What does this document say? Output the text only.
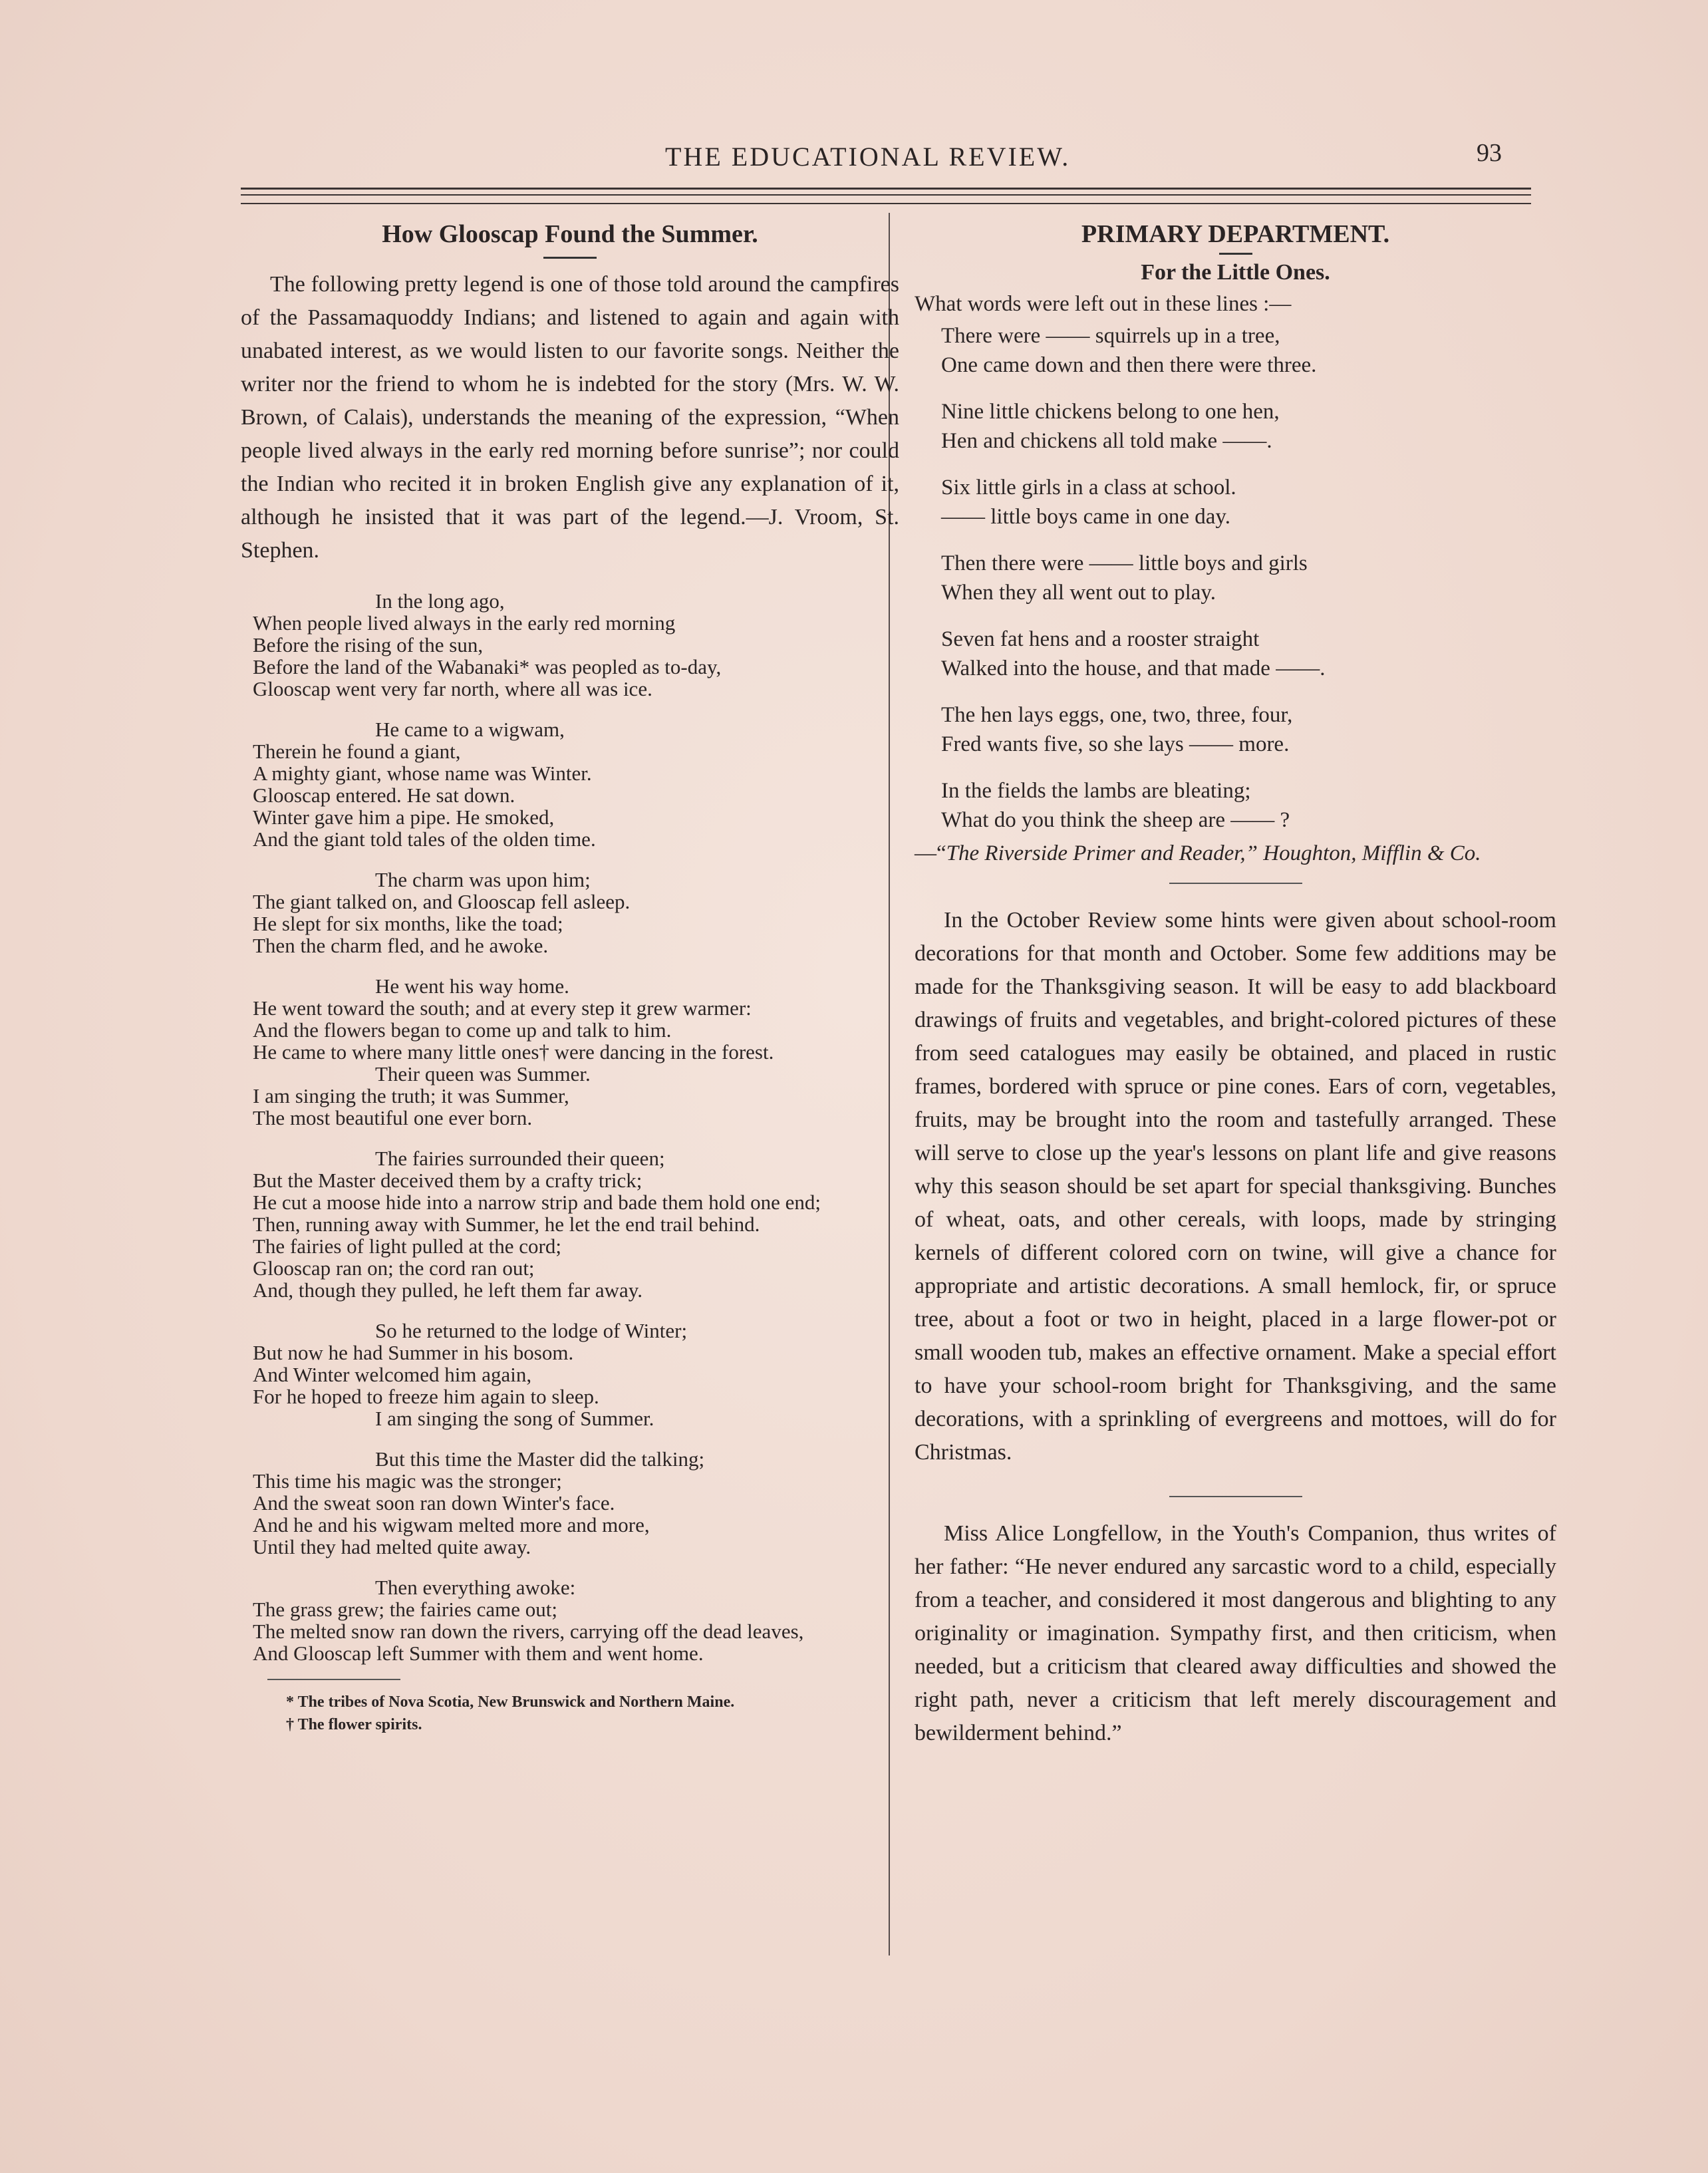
THE EDUCATIONAL REVIEW.	93
How Glooscap Found the Summer.

The following pretty legend is one of those told around the campfires of the Passamaquoddy Indians; and listened to again and again with unabated interest, as we would listen to our favorite songs. Neither the writer nor the friend to whom he is indebted for the story (Mrs. W. W. Brown, of Calais), understands the meaning of the expression, “When people lived always in the early red morning before sunrise”; nor could the Indian who recited it in broken English give any explanation of it, although he insisted that it was part of the legend.—J. Vroom, St. Stephen.

In the long ago,
When people lived always in the early red morning
Before the rising of the sun,
Before the land of the Wabanaki* was peopled as to-day,
Glooscap went very far north, where all was ice.
He came to a wigwam,
Therein he found a giant,
A mighty giant, whose name was Winter.
Glooscap entered. He sat down.
Winter gave him a pipe. He smoked,
And the giant told tales of the olden time.
The charm was upon him;
The giant talked on, and Glooscap fell asleep.
He slept for six months, like the toad;
Then the charm fled, and he awoke.
He went his way home.
He went toward the south; and at every step it grew warmer:
And the flowers began to come up and talk to him.
He came to where many little ones† were dancing in the forest.
Their queen was Summer.
I am singing the truth; it was Summer,
The most beautiful one ever born.
The fairies surrounded their queen;
But the Master deceived them by a crafty trick;
He cut a moose hide into a narrow strip and bade them hold one end;
Then, running away with Summer, he let the end trail behind.
The fairies of light pulled at the cord;
Glooscap ran on; the cord ran out;
And, though they pulled, he left them far away.
So he returned to the lodge of Winter;
But now he had Summer in his bosom.
And Winter welcomed him again,
For he hoped to freeze him again to sleep.
I am singing the song of Summer.
But this time the Master did the talking;
This time his magic was the stronger;
And the sweat soon ran down Winter's face.
And he and his wigwam melted more and more,
Until they had melted quite away.
Then everything awoke:
The grass grew; the fairies came out;
The melted snow ran down the rivers, carrying off the dead leaves,
And Glooscap left Summer with them and went home.
* The tribes of Nova Scotia, New Brunswick and Northern Maine.
† The flower spirits.
PRIMARY DEPARTMENT.
For the Little Ones.
What words were left out in these lines :—
There were —— squirrels up in a tree,
One came down and then there were three.
Nine little chickens belong to one hen,
Hen and chickens all told make ——.
Six little girls in a class at school.
—— little boys came in one day.
Then there were —— little boys and girls
When they all went out to play.
Seven fat hens and a rooster straight
Walked into the house, and that made ——.
The hen lays eggs, one, two, three, four,
Fred wants five, so she lays —— more.
In the fields the lambs are bleating;
What do you think the sheep are —— ?
—“The Riverside Primer and Reader,” Houghton, Mifflin & Co.

In the October Review some hints were given about school-room decorations for that month and October. Some few additions may be made for the Thanksgiving season. It will be easy to add blackboard drawings of fruits and vegetables, and bright-colored pictures of these from seed catalogues may easily be obtained, and placed in rustic frames, bordered with spruce or pine cones. Ears of corn, vegetables, fruits, may be brought into the room and tastefully arranged. These will serve to close up the year's lessons on plant life and give reasons why this season should be set apart for special thanksgiving. Bunches of wheat, oats, and other cereals, with loops, made by stringing kernels of different colored corn on twine, will give a chance for appropriate and artistic decorations. A small hemlock, fir, or spruce tree, about a foot or two in height, placed in a large flower-pot or small wooden tub, makes an effective ornament. Make a special effort to have your school-room bright for Thanksgiving, and the same decorations, with a sprinkling of evergreens and mottoes, will do for Christmas.

Miss Alice Longfellow, in the Youth's Companion, thus writes of her father: “He never endured any sarcastic word to a child, especially from a teacher, and considered it most dangerous and blighting to any originality or imagination. Sympathy first, and then criticism, when needed, but a criticism that cleared away difficulties and showed the right path, never a criticism that left merely discouragement and bewilderment behind.”
